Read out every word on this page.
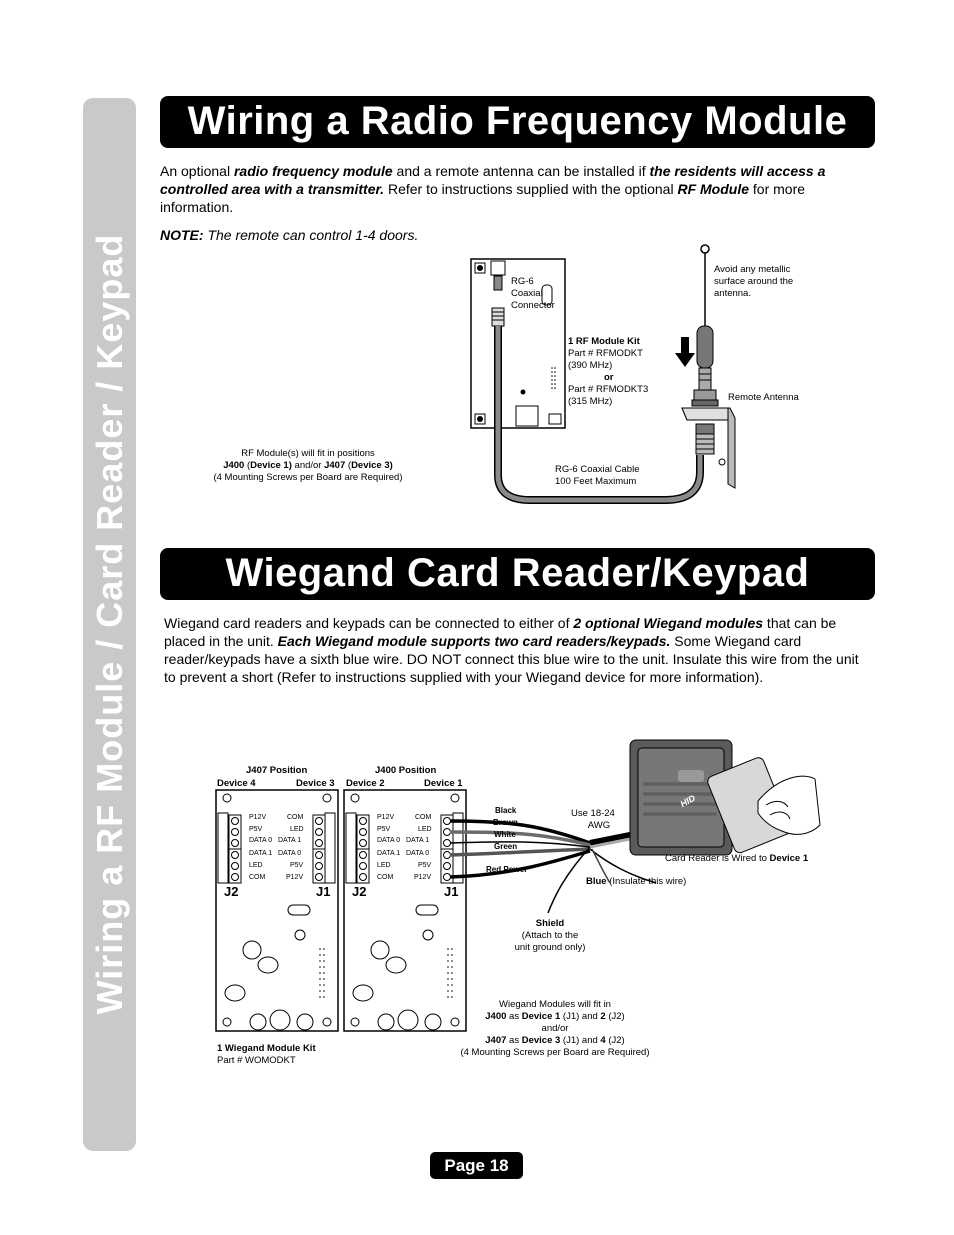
Wiring a RF Module / Card Reader / Keypad
Wiring a Radio Frequency Module
An optional radio frequency module and a remote antenna can be installed if the residents will access a controlled area with a transmitter. Refer to instructions supplied with the optional RF Module for more information.
NOTE: The remote can control 1-4 doors.
RG-6
Coaxial
Connector
1 RF Module Kit
Part # RFMODKT
(390 MHz)
or
Part # RFMODKT3
(315 MHz)
Avoid any metallic
surface around the
antenna.
Remote Antenna
RG-6 Coaxial Cable
100 Feet Maximum
RF Module(s) will fit in positions
J400 (Device 1) and/or J407 (Device 3)
(4 Mounting Screws per Board are Required)
Wiegand Card Reader/Keypad
Wiegand card readers and keypads can be connected to either of 2 optional Wiegand modules that can be placed in the unit. Each Wiegand module supports two card readers/keypads. Some Wiegand card reader/keypads have a sixth blue wire. DO NOT connect this blue wire to the unit. Insulate this wire from the unit to prevent a short (Refer to instructions supplied with your Wiegand device for more information).
J407 Position
Device 4	Device 3
J400 Position
Device 2	Device 1
P12V
P5V
DATA 0
DATA 1
LED
COM
COM
LED
DATA 1
DATA 0
P5V
P12V
J2	J1
P12V
P5V
DATA 0
DATA 1
LED
COM
COM
LED
DATA 1
DATA 0
P5V
P12V
J2	J1
Black
Brown
White
Green
Red Power
Use 18-24
AWG
HID
Card Reader is Wired to Device 1
Blue (Insulate this wire)
Shield
(Attach to the
unit ground only)
1 Wiegand Module Kit
Part # WOMODKT
Wiegand Modules will fit in
J400 as Device 1 (J1) and 2 (J2)
and/or
J407 as Device 3 (J1) and 4 (J2)
(4 Mounting Screws per Board are Required)
Page 18
